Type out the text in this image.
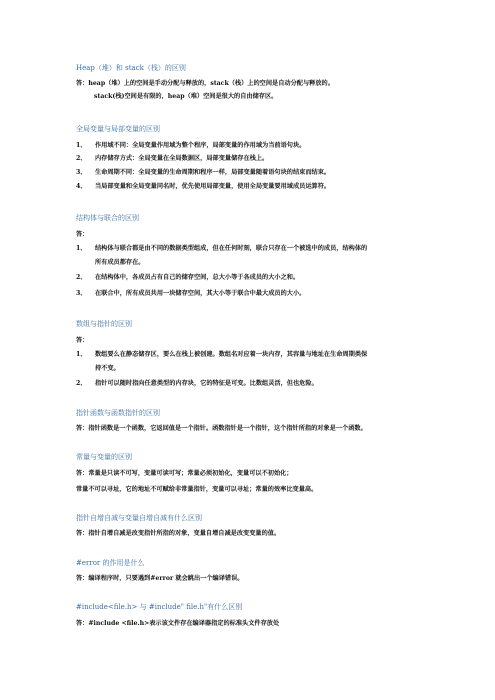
Heap（堆）和 stack（栈）的区别
答：heap（堆）上的空间是手动分配与释放的，stack（栈）上的空间是自动分配与释放的。
stack(栈)空间是有限的，heap（堆）空间是很大的自由储存区。
全局变量与局部变量的区别
1、 作用域不同：全局变量作用域为整个程序，局部变量的作用域为当前语句块。
2、 内存储存方式：全局变量在全局数据区，局部变量储存在栈上。
3、 生命周期不同：全局变量的生命周期和程序一样，局部变量随着语句块的结束而结束。
4、 当局部变量和全局变量同名时，优先使用局部变量，使用全局变量要用域成员运算符。
结构体与联合的区别
答：
1、 结构体与联合都是由不同的数据类型组成，但在任何时刻，联合只存在一个被选中的成员，结构体的
所有成员都存在。
2、 在结构体中，各成员占有自己的储存空间，总大小等于各成员的大小之和。
3、 在联合中，所有成员共用一块储存空间，其大小等于联合中最大成员的大小。
数组与指针的区别
答：
1、 数组要么在静态储存区，要么在栈上被创建。数组名对应着一块内存，其容量与地址在生命周期类保
持不变。
2、 指针可以随时指向任意类型的内存块，它的特征是可变。比数组灵活，但也危险。
指针函数与函数指针的区别
答：指针函数是一个函数，它返回值是一个指针。函数指针是一个指针，这个指针所指的对象是一个函数。
常量与变量的区别
答：常量是只读不可写，变量可读可写；常量必须初始化，变量可以不初始化；
常量不可以寻址，它的地址不可赋给非常量指针，变量可以寻址；常量的效率比变量高。
指针自增自减与变量自增自减有什么区别
答：指针自增自减是改变指针所指的对象，变量自增自减是改变变量的值。
#error 的作用是什么
答：编译程序时，只要遇到#error 就会跳出一个编译错误。
#include<file.h> 与 #include" file.h"有什么区别
答：#include <file.h>表示该文件存在编译器指定的标准头文件存放处
